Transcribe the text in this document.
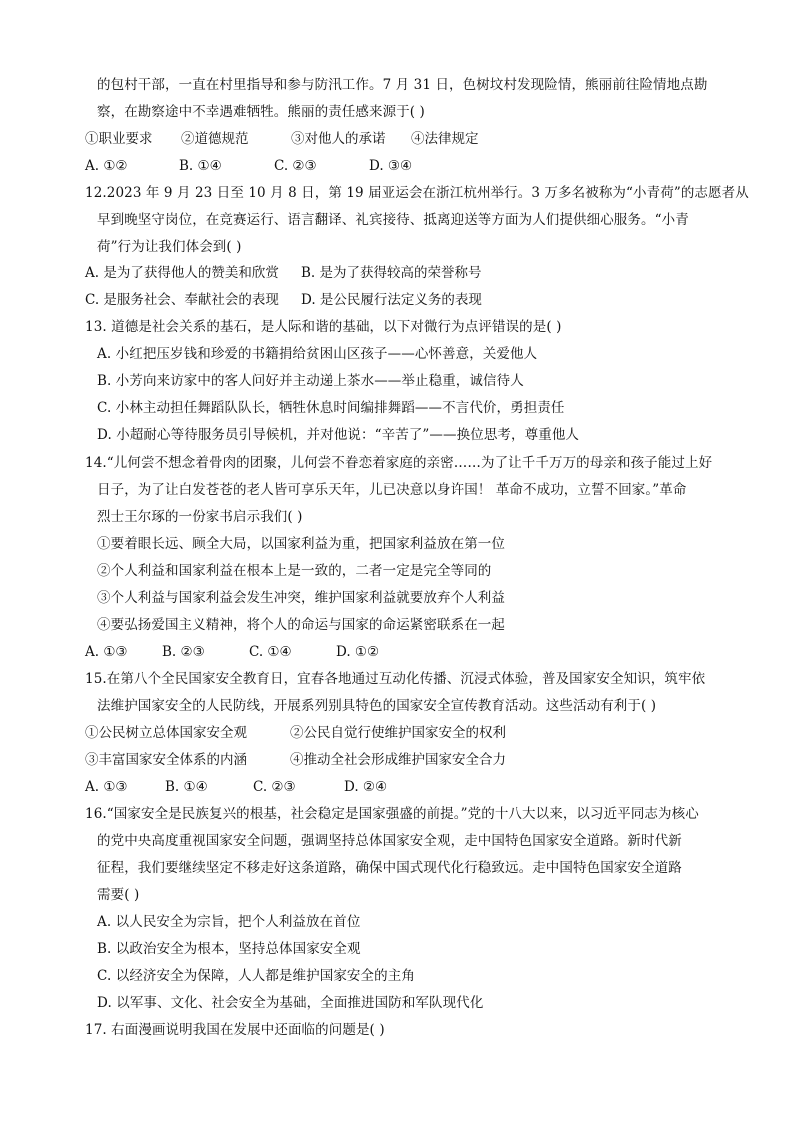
的包村干部，一直在村里指导和参与防汛工作。7 月 31 日，色树坟村发现险情，熊丽前往险情地点勘
察，在勘察途中不幸遇难牺牲。熊丽的责任感来源于( )
①职业要求	②道德规范	③对他人的承诺	④法律规定
A. ①②	B. ①④	C. ②③	D. ③④
12.2023 年 9 月 23 日至 10 月 8 日，第 19 届亚运会在浙江杭州举行。3 万多名被称为“小青荷”的志愿者从
早到晚坚守岗位，在竞赛运行、语言翻译、礼宾接待、抵离迎送等方面为人们提供细心服务。“小青
荷”行为让我们体会到( )
A. 是为了获得他人的赞美和欣赏	B. 是为了获得较高的荣誉称号
C. 是服务社会、奉献社会的表现	D. 是公民履行法定义务的表现
13. 道德是社会关系的基石，是人际和谐的基础，以下对微行为点评错误的是( )
A. 小红把压岁钱和珍爱的书籍捐给贫困山区孩子——心怀善意，关爱他人
B. 小芳向来访家中的客人问好并主动递上茶水——举止稳重，诚信待人
C. 小林主动担任舞蹈队队长，牺牲休息时间编排舞蹈——不言代价，勇担责任
D. 小超耐心等待服务员引导候机，并对他说：“辛苦了”——换位思考，尊重他人
14.“儿何尝不想念着骨肉的团聚，儿何尝不眷恋着家庭的亲密……为了让千千万万的母亲和孩子能过上好
日子，为了让白发苍苍的老人皆可享乐天年，儿已决意以身许国！ 革命不成功，立誓不回家。”革命
烈士王尔琢的一份家书启示我们( )
①要着眼长远、顾全大局，以国家利益为重，把国家利益放在第一位
②个人利益和国家利益在根本上是一致的，二者一定是完全等同的
③个人利益与国家利益会发生冲突，维护国家利益就要放弃个人利益
④要弘扬爱国主义精神，将个人的命运与国家的命运紧密联系在一起
A. ①③	B. ②③	C. ①④	D. ①②
15.在第八个全民国家安全教育日，宜春各地通过互动化传播、沉浸式体验，普及国家安全知识，筑牢依
法维护国家安全的人民防线，开展系列别具特色的国家安全宣传教育活动。这些活动有利于( )
①公民树立总体国家安全观	②公民自觉行使维护国家安全的权利
③丰富国家安全体系的内涵	④推动全社会形成维护国家安全合力
A. ①③	B. ①④	C. ②③	D. ②④
16.“国家安全是民族复兴的根基，社会稳定是国家强盛的前提。”党的十八大以来，以习近平同志为核心
的党中央高度重视国家安全问题，强调坚持总体国家安全观，走中国特色国家安全道路。新时代新
征程，我们要继续坚定不移走好这条道路，确保中国式现代化行稳致远。走中国特色国家安全道路
需要( )
A. 以人民安全为宗旨，把个人利益放在首位
B. 以政治安全为根本，坚持总体国家安全观
C. 以经济安全为保障，人人都是维护国家安全的主角
D. 以军事、文化、社会安全为基础，全面推进国防和军队现代化
17. 右面漫画说明我国在发展中还面临的问题是( )
